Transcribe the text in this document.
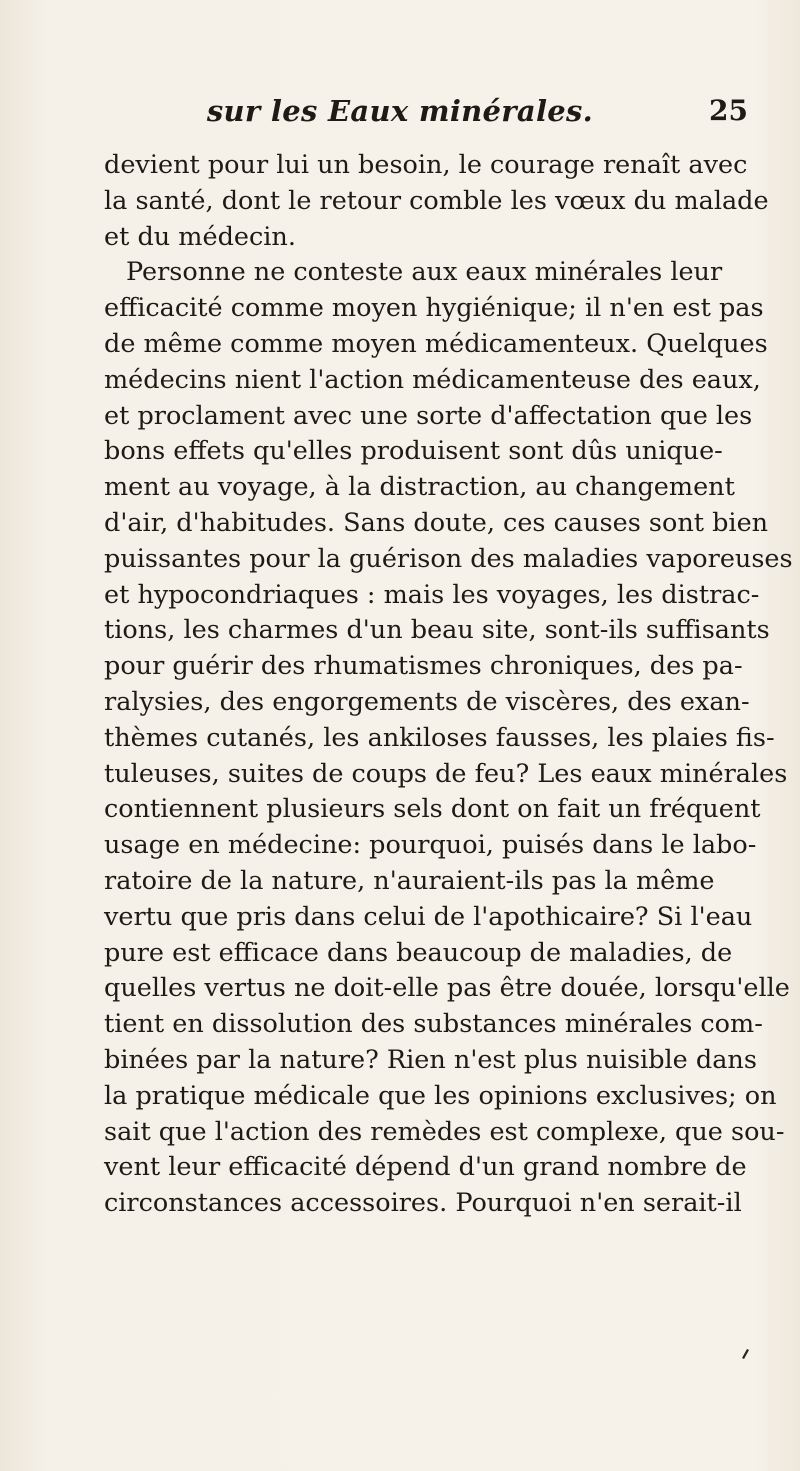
sur les Eaux minérales.	25
devient pour lui un besoin, le courage renaît avec
la santé, dont le retour comble les vœux du malade
et du médecin.
Personne ne conteste aux eaux minérales leur
efficacité comme moyen hygiénique; il n'en est pas
de même comme moyen médicamenteux. Quelques
médecins nient l'action médicamenteuse des eaux,
et proclament avec une sorte d'affectation que les
bons effets qu'elles produisent sont dûs unique-
ment au voyage, à la distraction, au changement
d'air, d'habitudes. Sans doute, ces causes sont bien
puissantes pour la guérison des maladies vaporeuses
et hypocondriaques : mais les voyages, les distrac-
tions, les charmes d'un beau site, sont-ils suffisants
pour guérir des rhumatismes chroniques, des pa-
ralysies, des engorgements de viscères, des exan-
thèmes cutanés, les ankiloses fausses, les plaies fis-
tuleuses, suites de coups de feu? Les eaux minérales
contiennent plusieurs sels dont on fait un fréquent
usage en médecine: pourquoi, puisés dans le labo-
ratoire de la nature, n'auraient-ils pas la même
vertu que pris dans celui de l'apothicaire? Si l'eau
pure est efficace dans beaucoup de maladies, de
quelles vertus ne doit-elle pas être douée, lorsqu'elle
tient en dissolution des substances minérales com-
binées par la nature? Rien n'est plus nuisible dans
la pratique médicale que les opinions exclusives; on
sait que l'action des remèdes est complexe, que sou-
vent leur efficacité dépend d'un grand nombre de
circonstances accessoires. Pourquoi n'en serait-il
